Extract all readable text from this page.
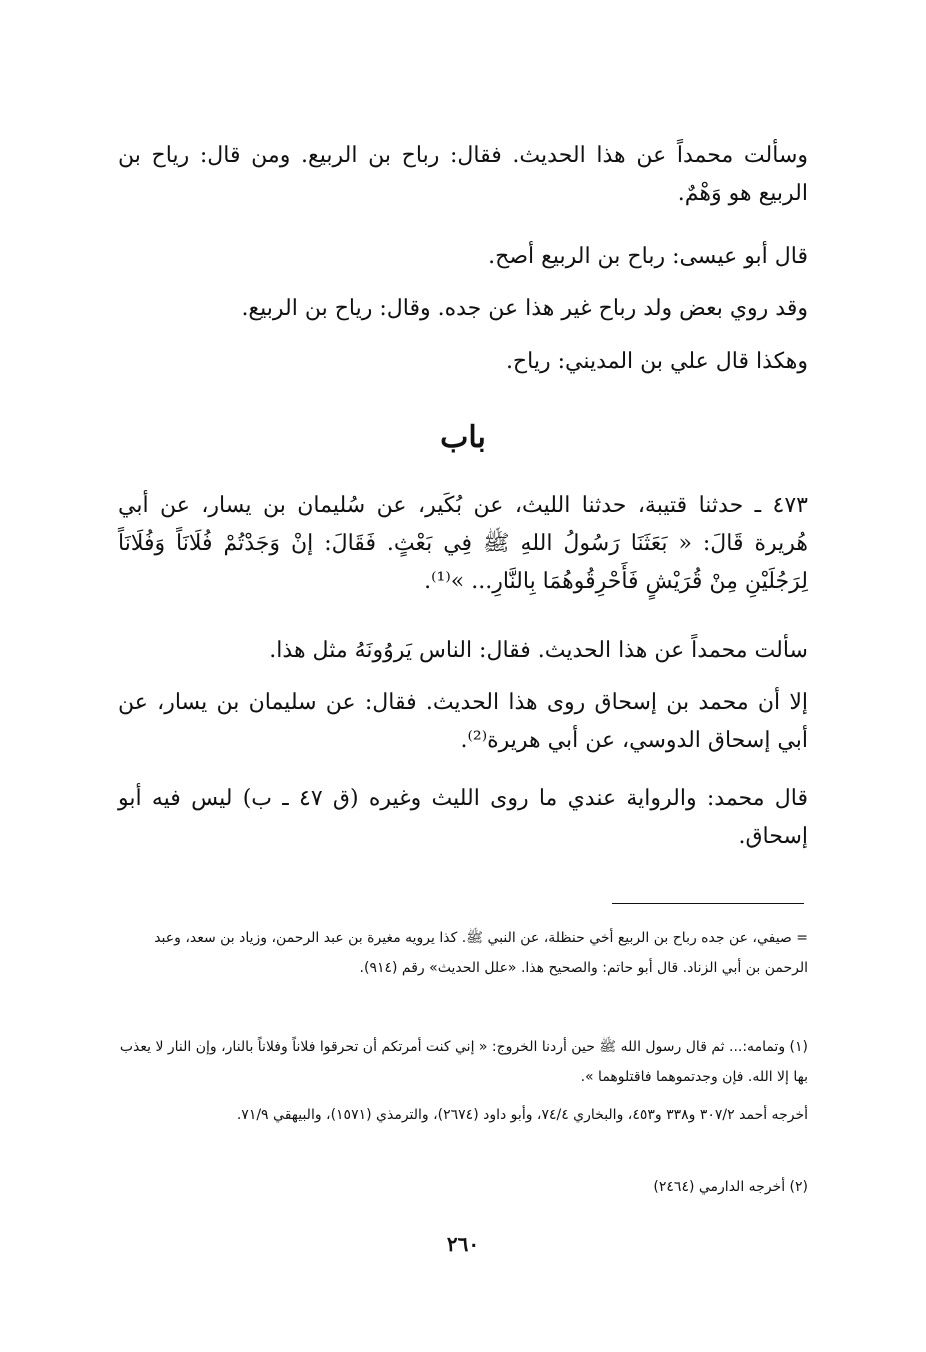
وسألت محمداً عن هذا الحديث. فقال: رباح بن الربيع. ومن قال: رياح بن الربيع هو وَهْمٌ.

قال أبو عيسى: رباح بن الربيع أصح.

وقد روي بعض ولد رباح غير هذا عن جده. وقال: رياح بن الربيع.

وهكذا قال علي بن المديني: رياح.

باب

٤٧٣ ـ حدثنا قتيبة، حدثنا الليث، عن بُكَير، عن سُليمان بن يسار، عن أبي هُريرة قَالَ: « بَعَثَنَا رَسُولُ اللهِ ﷺ فِي بَعْثٍ. فَقَالَ: إنْ وَجَدْتُمْ فُلَانَاً وَفُلَانَاً لِرَجُلَيْنِ مِنْ قُرَيْشٍ فَأَحْرِقُوهُمَا بِالنَّارِ... »⁽¹⁾.

سألت محمداً عن هذا الحديث. فقال: الناس يَروُونَهُ مثل هذا.

إلا أن محمد بن إسحاق روى هذا الحديث. فقال: عن سليمان بن يسار، عن أبي إسحاق الدوسي، عن أبي هريرة⁽²⁾.

قال محمد: والرواية عندي ما روى الليث وغيره (ق ٤٧ ـ ب) ليس فيه أبو إسحاق.

= صيفي، عن جده رباح بن الربيع أخي حنظلة، عن النبي ﷺ. كذا يرويه مغيرة بن عبد الرحمن، وزياد بن سعد، وعبد الرحمن بن أبي الزناد. قال أبو حاتم: والصحيح هذا. «علل الحديث» رقم (٩١٤).

(١) وتمامه:... ثم قال رسول الله ﷺ حين أردنا الخروج: « إني كنت أمرتكم أن تحرقوا فلاناً وفلاناً بالنار، وإن النار لا يعذب بها إلا الله. فإن وجدتموهما فاقتلوهما ».

أخرجه أحمد ٣٠٧/٢ و٣٣٨ و٤٥٣، والبخاري ٧٤/٤، وأبو داود (٢٦٧٤)، والترمذي (١٥٧١)، والبيهقي ٧١/٩.

(٢) أخرجه الدارمي (٢٤٦٤)

٢٦٠
